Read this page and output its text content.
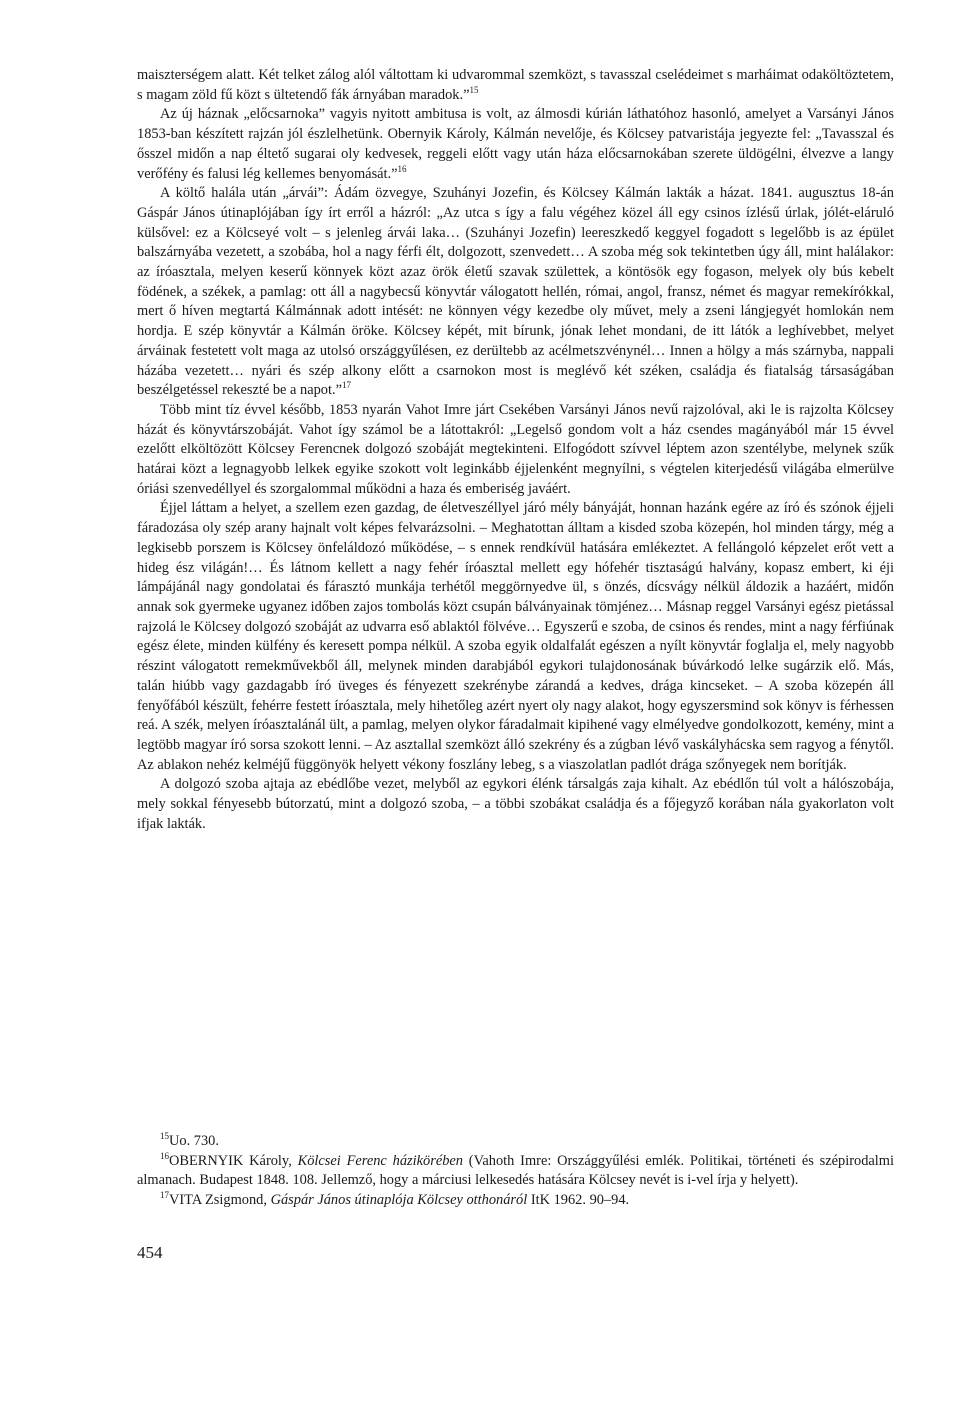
maiszterségem alatt. Két telket zálog alól váltottam ki udvarommal szemközt, s tavasszal cselédeimet s marháimat odaköltöztetem, s magam zöld fű közt s ültetendő fák árnyában maradok.”$^{15}$

Az új háznak „előcsarnoka” vagyis nyitott ambitusa is volt, az álmosdi kúrián láthatóhoz hasonló, amelyet a Varsányi János 1853-ban készített rajzán jól észlelhetünk. Obernyik Károly, Kálmán nevelője, és Kölcsey patvaristája jegyezte fel: „Tavasszal és ősszel midőn a nap éltető sugarai oly kedvesek, reggeli előtt vagy után háza előcsarnokában szerete üldögélni, élvezve a langy verőfény és falusi lég kellemes benyomását.”$^{16}$

A költő halála után „árvái”: Ádám özvegye, Szuhányi Jozefin, és Kölcsey Kálmán lakták a házat. 1841. augusztus 18-án Gáspár János útinaplójában így írt erről a házról: „Az utca s így a falu végéhez közel áll egy csinos ízlésű úrlak, jólét-eláruló külsővel: ez a Kölcseyé volt – s jelenleg árvái laka… (Szuhányi Jozefin) leereszkedő keggyel fogadott s legelőbb is az épület balszárnyába vezetett, a szobába, hol a nagy férfi élt, dolgozott, szenvedett… A szoba még sok tekintetben úgy áll, mint halálakor: az íróasztala, melyen keserű könnyek közt azaz örök életű szavak születtek, a köntösök egy fogason, melyek oly bús kebelt födének, a székek, a pamlag: ott áll a nagybecsű könyvtár válogatott hellén, római, angol, fransz, német és magyar remekírókkal, mert ő híven megtartá Kálmánnak adott intését: ne könnyen végy kezedbe oly művet, mely a zseni lángjegyét homlokán nem hordja. E szép könyvtár a Kálmán öröke. Kölcsey képét, mit bírunk, jónak lehet mondani, de itt látók a leghívebbet, melyet árváinak festetett volt maga az utolsó országgyűlésen, ez derültebb az acélmetszvénynél… Innen a hölgy a más szárnyba, nappali házába vezetett… nyári és szép alkony előtt a csarnokon most is meglévő két széken, családja és fiatalság társaságában beszélgetéssel rekeszté be a napot.”$^{17}$

Több mint tíz évvel később, 1853 nyarán Vahot Imre járt Csekében Varsányi János nevű rajzolóval, aki le is rajzolta Kölcsey házát és könyvtárszobáját. Vahot így számol be a látottakról: „Legelső gondom volt a ház csendes magányából már 15 évvel ezelőtt elköltözött Kölcsey Ferencnek dolgozó szobáját megtekinteni. Elfogódott szívvel léptem azon szentélybe, melynek szűk határai közt a legnagyobb lelkek egyike szokott volt leginkább éjjelenként megnyílni, s végtelen kiterjedésű világába elmerülve óriási szenvedéllyel és szorgalommal működni a haza és emberiség javáért.

Éjjel láttam a helyet, a szellem ezen gazdag, de életveszéllyel járó mély bányáját, honnan hazánk egére az író és szónok éjjeli fáradozása oly szép arany hajnalt volt képes felvarázsolni. – Meghatottan álltam a kisded szoba közepén, hol minden tárgy, még a legkisebb porszem is Kölcsey önfeláldozó működése, – s ennek rendkívül hatására emlékeztet. A fellángoló képzelet erőt vett a hideg ész világán!… És látnom kellett a nagy fehér íróasztal mellett egy hófehér tisztaságú halvány, kopasz embert, ki éji lámpájánál nagy gondolatai és fárasztó munkája terhétől meggörnyedve ül, s önzés, dícsvágy nélkül áldozik a hazáért, midőn annak sok gyermeke ugyanez időben zajos tombolás közt csupán bálványainak tömjénez… Másnap reggel Varsányi egész pietással rajzolá le Kölcsey dolgozó szobáját az udvarra eső ablaktól fölvéve… Egyszerű e szoba, de csinos és rendes, mint a nagy férfiúnak egész élete, minden külfény és keresett pompa nélkül. A szoba egyik oldalfalát egészen a nyílt könyvtár foglalja el, mely nagyobb részint válogatott remekművekből áll, melynek minden darabjából egykori tulajdonosának búvárkodó lelke sugárzik elő. Más, talán hiúbb vagy gazdagabb író üveges és fényezett szekrénybe zárandá a kedves, drága kincseket. – A szoba közepén áll fenyőfából készült, fehérre festett íróasztala, mely hihetőleg azért nyert oly nagy alakot, hogy egyszersmind sok könyv is férhessen reá. A szék, melyen íróasztalánál ült, a pamlag, melyen olykor fáradalmait kipihené vagy elmélyedve gondolkozott, kemény, mint a legtöbb magyar író sorsa szokott lenni. – Az asztallal szemközt álló szekrény és a zúgban lévő vaskályhácska sem ragyog a fénytől. Az ablakon nehéz kelméjű függönyök helyett vékony foszlány lebeg, s a viaszolatlan padlót drága szőnyegek nem borítják.

A dolgozó szoba ajtaja az ebédlőbe vezet, melyből az egykori élénk társalgás zaja kihalt. Az ebédlőn túl volt a hálószobája, mely sokkal fényesebb bútorzatú, mint a dolgozó szoba, – a többi szobákat családja és a főjegyző korában nála gyakorlaton volt ifjak lakták.

$^{15}$Uo. 730.

$^{16}$OBERNYIK Károly, Kölcsei Ferenc házikörében (Vahoth Imre: Országgyűlési emlék. Politikai, történeti és szépirodalmi almanach. Budapest 1848. 108. Jellemző, hogy a márciusi lelkesedés hatására Kölcsey nevét is i-vel írja y helyett).

$^{17}$VITA Zsigmond, Gáspár János útinaplója Kölcsey otthonáról ItK 1962. 90–94.

454
